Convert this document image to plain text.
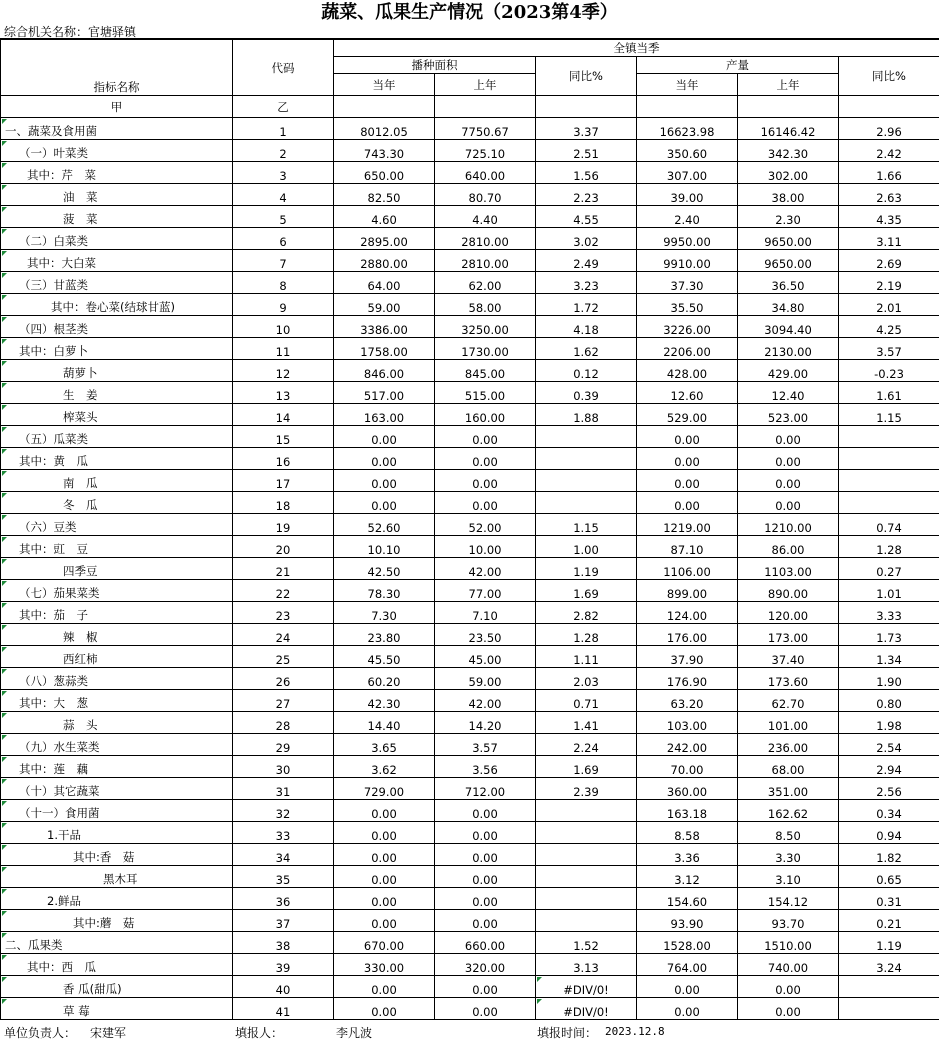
蔬菜、瓜果生产情况（2023第4季）
综合机关名称：官塘驿镇
指标名称	代码	全镇当季					
		播种面积		同比%	产量		同比%
		当年	上年		当年	上年	
甲	乙						
一、蔬菜及食用菌	1	8012.05	7750.67	3.37	16623.98	16146.42	2.96
（一）叶菜类	2	743.30	725.10	2.51	350.60	342.30	2.42
其中：芹　菜	3	650.00	640.00	1.56	307.00	302.00	1.66
油　菜	4	82.50	80.70	2.23	39.00	38.00	2.63
菠　菜	5	4.60	4.40	4.55	2.40	2.30	4.35
（二）白菜类	6	2895.00	2810.00	3.02	9950.00	9650.00	3.11
其中：大白菜	7	2880.00	2810.00	2.49	9910.00	9650.00	2.69
（三）甘蓝类	8	64.00	62.00	3.23	37.30	36.50	2.19
其中：卷心菜(结球甘蓝)	9	59.00	58.00	1.72	35.50	34.80	2.01
（四）根茎类	10	3386.00	3250.00	4.18	3226.00	3094.40	4.25
其中：白萝卜	11	1758.00	1730.00	1.62	2206.00	2130.00	3.57
葫萝卜	12	846.00	845.00	0.12	428.00	429.00	-0.23
生　姜	13	517.00	515.00	0.39	12.60	12.40	1.61
榨菜头	14	163.00	160.00	1.88	529.00	523.00	1.15
（五）瓜菜类	15	0.00	0.00		0.00	0.00	
其中：黄　瓜	16	0.00	0.00		0.00	0.00	
南　瓜	17	0.00	0.00		0.00	0.00	
冬　瓜	18	0.00	0.00		0.00	0.00	
（六）豆类	19	52.60	52.00	1.15	1219.00	1210.00	0.74
其中：豇　豆	20	10.10	10.00	1.00	87.10	86.00	1.28
四季豆	21	42.50	42.00	1.19	1106.00	1103.00	0.27
（七）茄果菜类	22	78.30	77.00	1.69	899.00	890.00	1.01
其中：茄　子	23	7.30	7.10	2.82	124.00	120.00	3.33
辣　椒	24	23.80	23.50	1.28	176.00	173.00	1.73
西红柿	25	45.50	45.00	1.11	37.90	37.40	1.34
（八）葱蒜类	26	60.20	59.00	2.03	176.90	173.60	1.90
其中：大　葱	27	42.30	42.00	0.71	63.20	62.70	0.80
蒜　头	28	14.40	14.20	1.41	103.00	101.00	1.98
（九）水生菜类	29	3.65	3.57	2.24	242.00	236.00	2.54
其中：莲　藕	30	3.62	3.56	1.69	70.00	68.00	2.94
（十）其它蔬菜	31	729.00	712.00	2.39	360.00	351.00	2.56
（十一）食用菌	32	0.00	0.00		163.18	162.62	0.34
1.干品	33	0.00	0.00		8.58	8.50	0.94
其中:香　菇	34	0.00	0.00		3.36	3.30	1.82
黑木耳	35	0.00	0.00		3.12	3.10	0.65
2.鲜品	36	0.00	0.00		154.60	154.12	0.31
其中:蘑　菇	37	0.00	0.00		93.90	93.70	0.21
二、瓜果类	38	670.00	660.00	1.52	1528.00	1510.00	1.19
其中：西　瓜	39	330.00	320.00	3.13	764.00	740.00	3.24
香 瓜(甜瓜)	40	0.00	0.00	#DIV/0!	0.00	0.00	
草 莓	41	0.00	0.00	#DIV/0!	0.00	0.00	
单位负责人： 宋建军	填报人：	李凡波	填报时间： 2023.12.8
